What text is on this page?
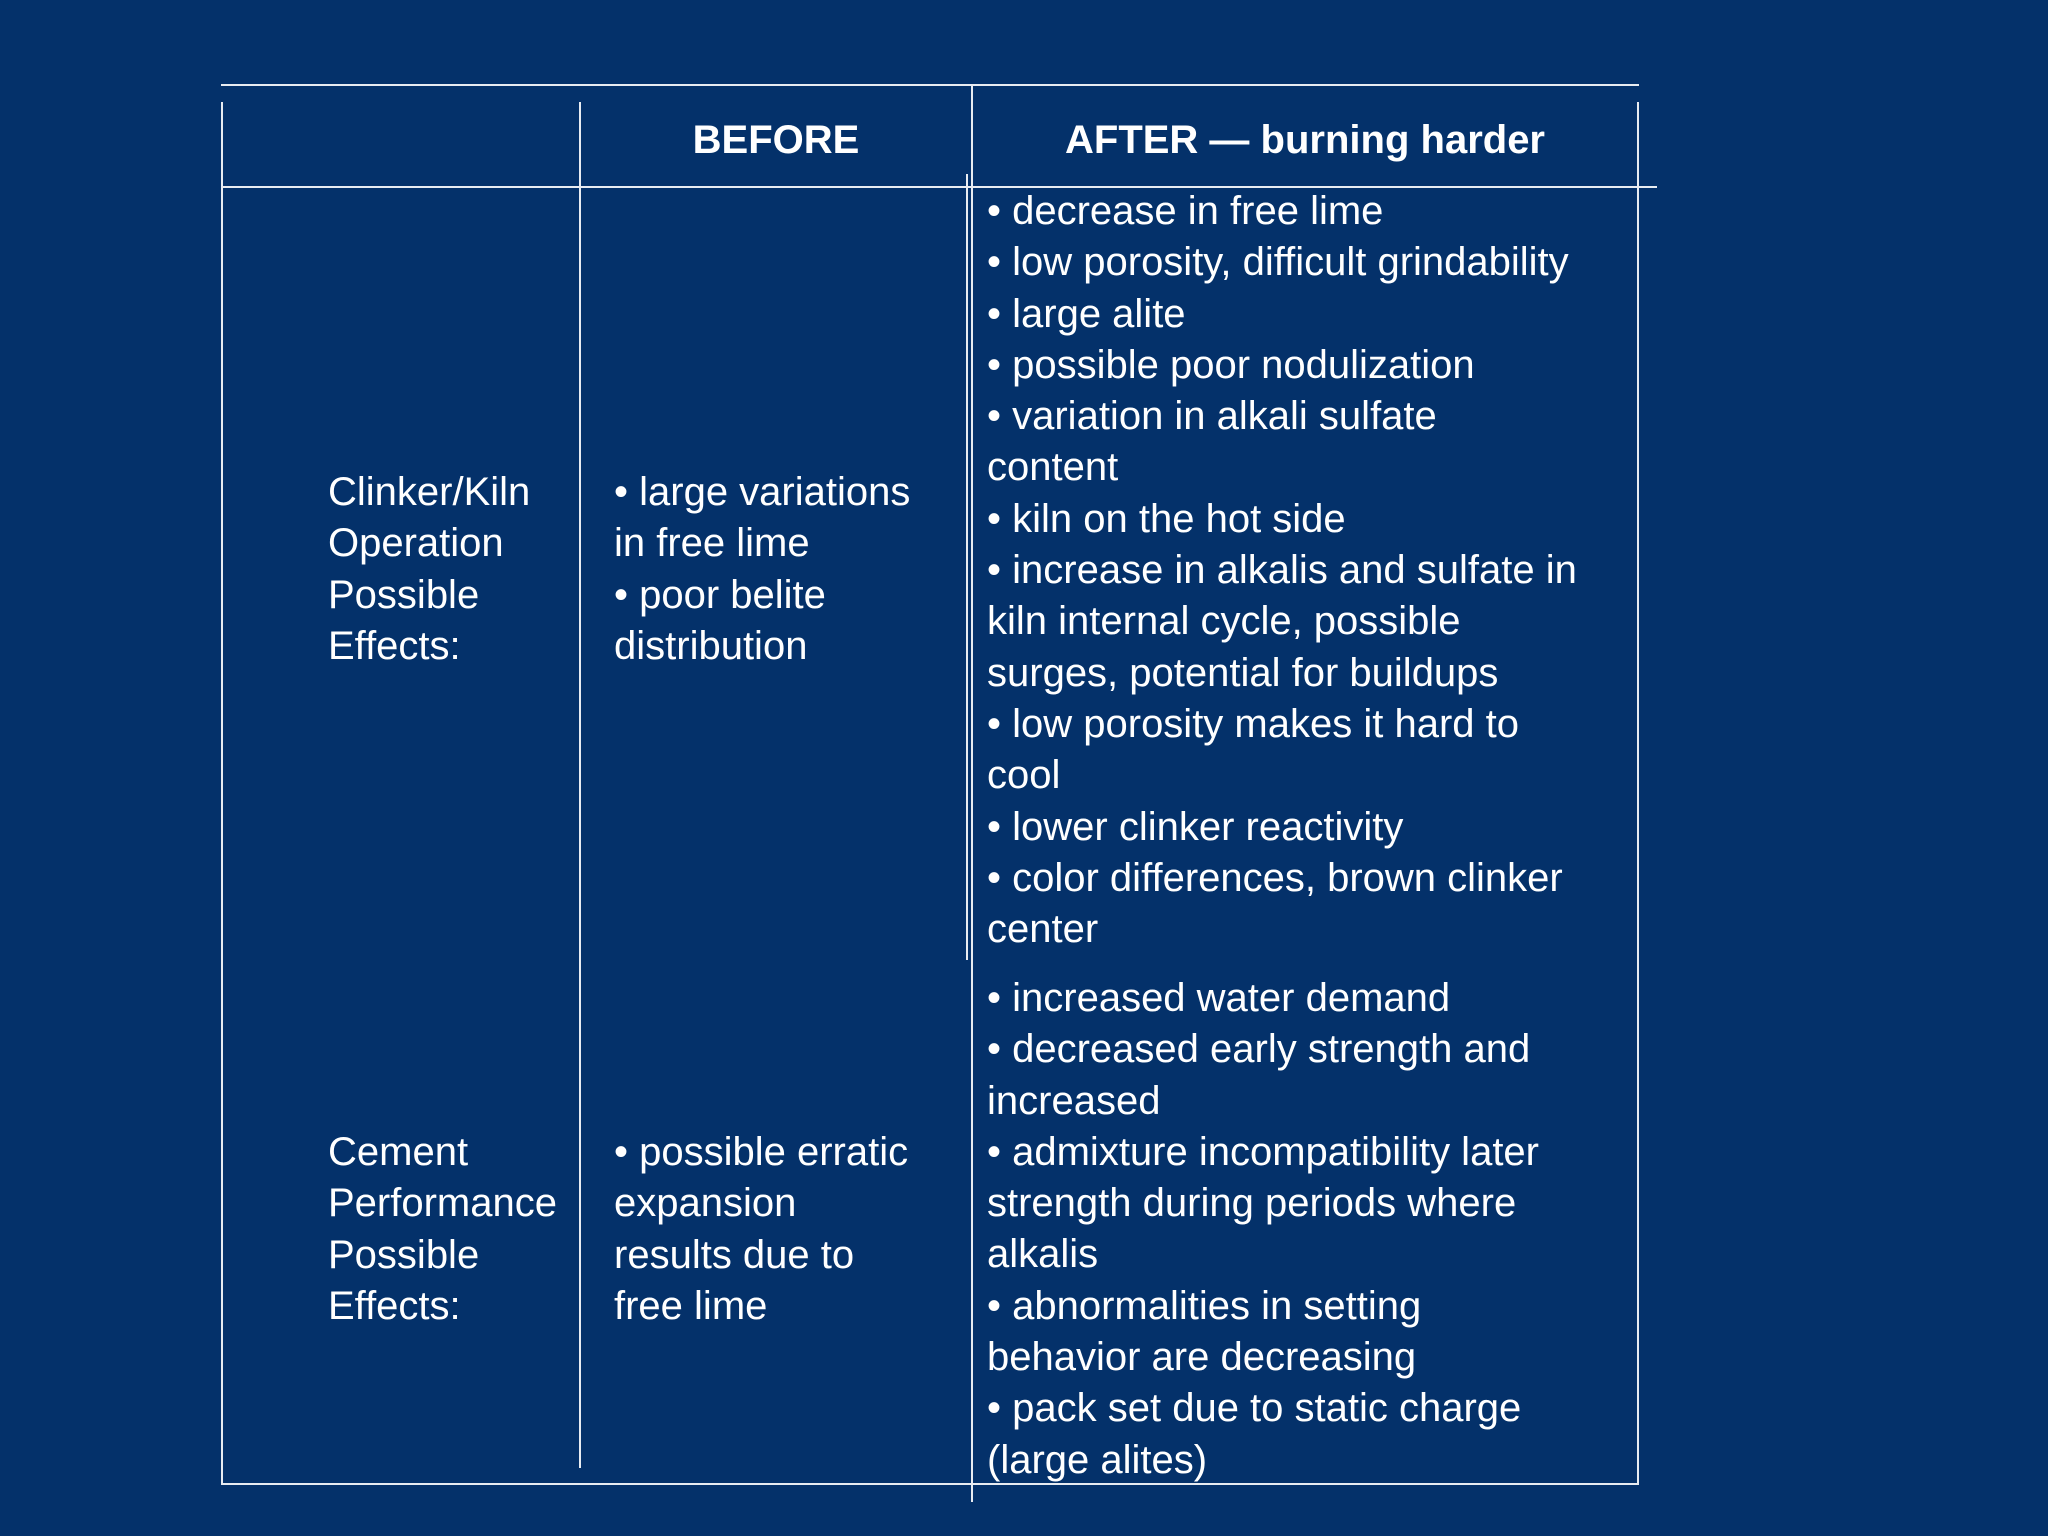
BEFORE	AFTER — burning harder
Clinker/Kiln
Operation
Possible
Effects:
• large variations
in free lime
• poor belite
distribution
• decrease in free lime
• low porosity, difficult grindability
• large alite
• possible poor nodulization
• variation in alkali sulfate
content
• kiln on the hot side
• increase in alkalis and sulfate in
kiln internal cycle, possible
surges, potential for buildups
• low porosity makes it hard to
cool
• lower clinker reactivity
• color differences, brown clinker
center
Cement
Performance
Possible
Effects:
• possible erratic
expansion
results due to
free lime
• increased water demand
• decreased early strength and
increased
• admixture incompatibility later
strength during periods where
alkalis
• abnormalities in setting
behavior are decreasing
• pack set due to static charge
(large alites)
